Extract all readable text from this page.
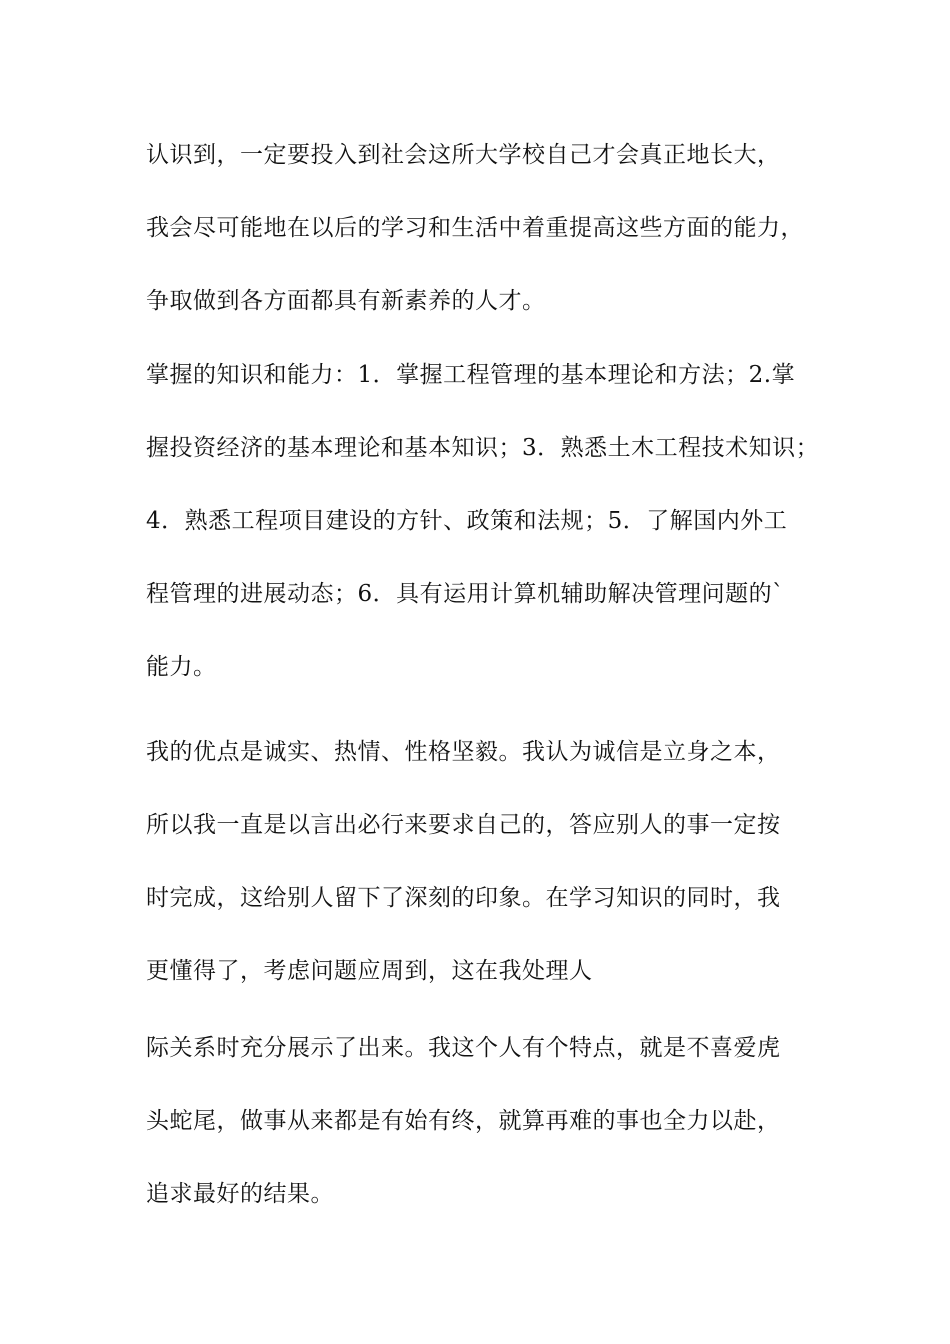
认识到，一定要投入到社会这所大学校自己才会真正地长大，
我会尽可能地在以后的学习和生活中着重提高这些方面的能力，
争取做到各方面都具有新素养的人才。
掌握的知识和能力：1．掌握工程管理的基本理论和方法；2.掌
握投资经济的基本理论和基本知识；3．熟悉土木工程技术知识；
4．熟悉工程项目建设的方针、政策和法规；5．了解国内外工
程管理的进展动态；6．具有运用计算机辅助解决管理问题的`
能力。
我的优点是诚实、热情、性格坚毅。我认为诚信是立身之本，
所以我一直是以言出必行来要求自己的，答应别人的事一定按
时完成，这给别人留下了深刻的印象。在学习知识的同时，我
更懂得了，考虑问题应周到，这在我处理人
际关系时充分展示了出来。我这个人有个特点，就是不喜爱虎
头蛇尾，做事从来都是有始有终，就算再难的事也全力以赴，
追求最好的结果。
